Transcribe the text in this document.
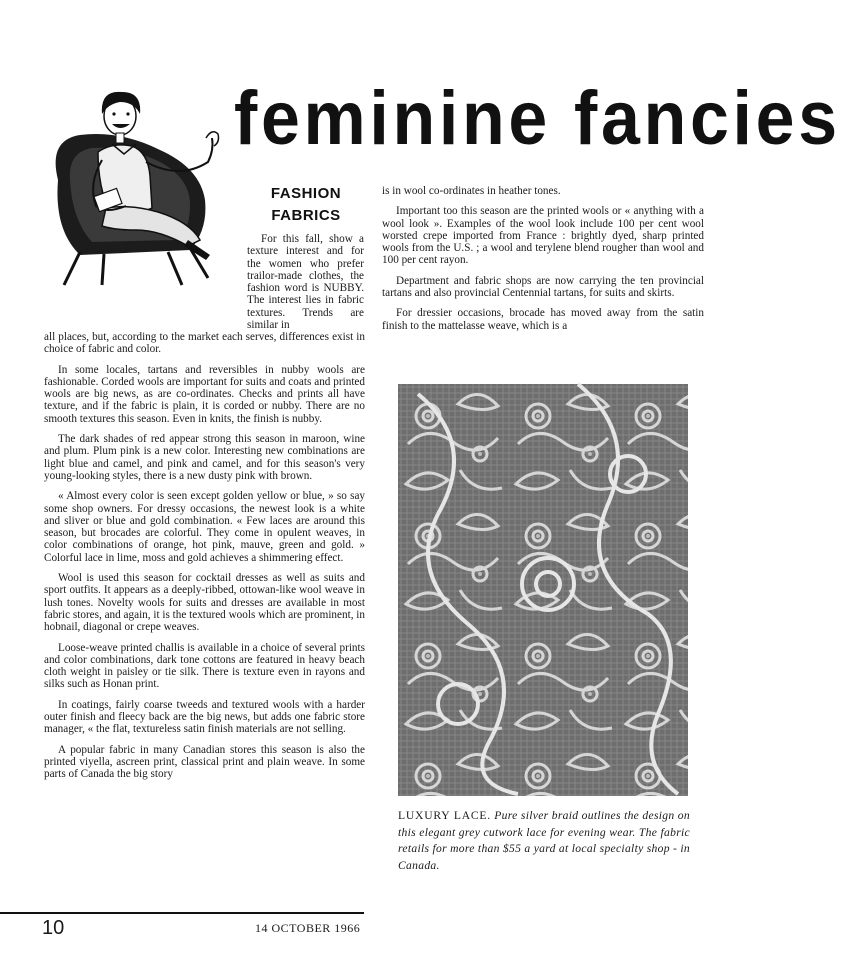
feminine fancies
FASHION
FABRICS

For this fall, show a texture interest and for the women who prefer trailor-made clothes, the fashion word is NUBBY. The interest lies in fabric textures. Trends are similar in

all places, but, according to the market each serves, differences exist in choice of fabric and color.

In some locales, tartans and reversibles in nubby wools are fashionable. Corded wools are important for suits and coats and printed wools are big news, as are co-ordinates. Checks and prints all have texture, and if the fabric is plain, it is corded or nubby. There are no smooth textures this season. Even in knits, the finish is nubby.

The dark shades of red appear strong this season in maroon, wine and plum. Plum pink is a new color. Interesting new combinations are light blue and camel, and pink and camel, and for this season's very young-looking styles, there is a new dusty pink with brown.

« Almost every color is seen except golden yellow or blue, » so say some shop owners. For dressy occasions, the newest look is a white and sliver or blue and gold combination. « Few laces are around this season, but brocades are colorful. They come in opulent weaves, in color combinations of orange, hot pink, mauve, green and gold. » Colorful lace in lime, moss and gold achieves a shimmering effect.

Wool is used this season for cocktail dresses as well as suits and sport outfits. It appears as a deeply-ribbed, ottowan-like wool weave in lush tones. Novelty wools for suits and dresses are available in most fabric stores, and again, it is the textured wools which are prominent, in hobnail, diagonal or crepe weaves.

Loose-weave printed challis is available in a choice of several prints and color combinations, dark tone cottons are featured in heavy beach cloth weight in paisley or tie silk. There is texture even in rayons and silks such as Honan print.

In coatings, fairly coarse tweeds and textured wools with a harder outer finish and fleecy back are the big news, but adds one fabric store manager, « the flat, textureless satin finish materials are not selling.

A popular fabric in many Canadian stores this season is also the printed viyella, ascreen print, classical print and plain weave. In some parts of Canada the big story

is in wool co-ordinates in heather tones.

Important too this season are the printed wools or « anything with a wool look ». Examples of the wool look include 100 per cent wool worsted crepe imported from France : brightly dyed, sharp printed wools from the U.S. ; a wool and terylene blend rougher than wool and 100 per cent rayon.

Department and fabric shops are now carrying the ten provincial tartans and also provincial Centennial tartans, for suits and skirts.

For dressier occasions, brocade has moved away from the satin finish to the mattelasse weave, which is a

LUXURY LACE. Pure silver braid outlines the design on this elegant grey cutwork lace for evening wear. The fabric retails for more than $55 a yard at local specialty shop - in Canada.
10	14 OCTOBER 1966
